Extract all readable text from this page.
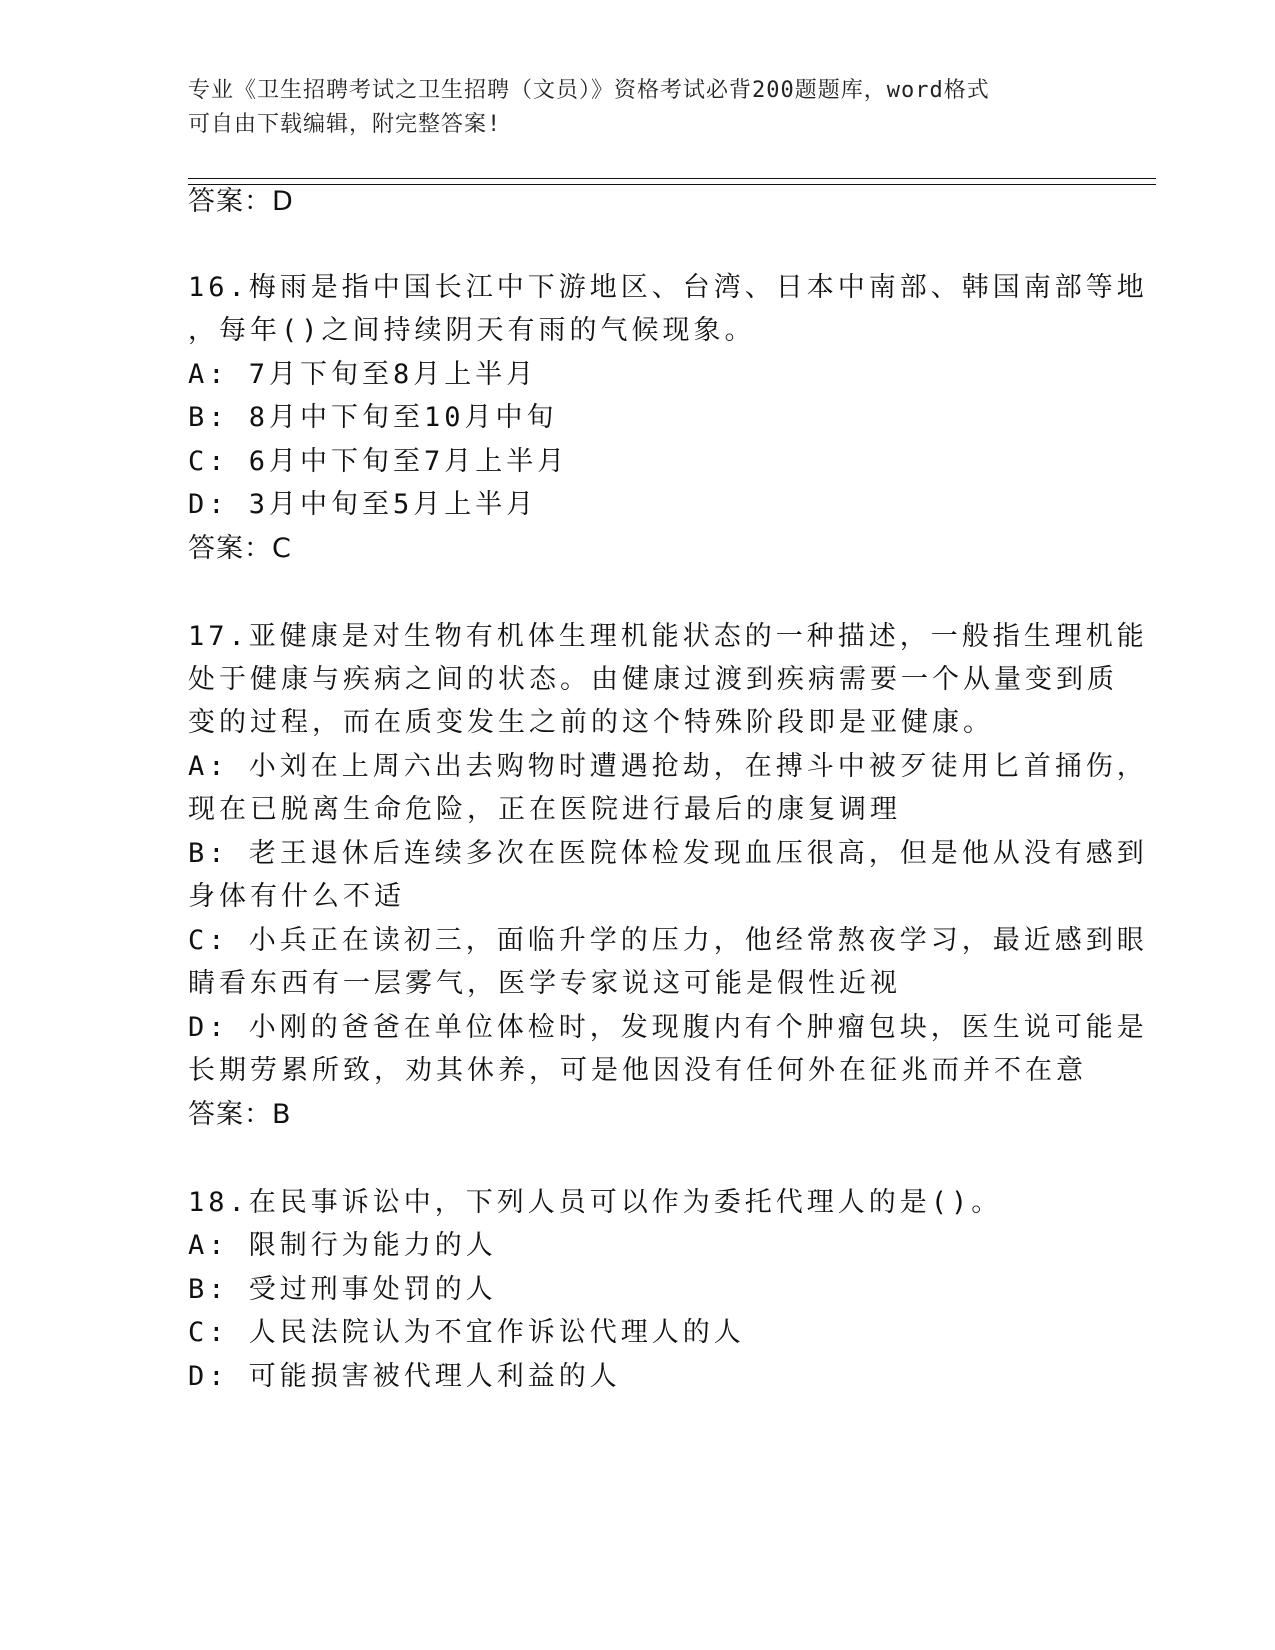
专业《卫生招聘考试之卫生招聘（文员）》资格考试必背200题题库，word格式

可自由下载编辑，附完整答案!

答案：D

16.梅雨是指中国长江中下游地区、台湾、日本中南部、韩国南部等地

，每年()之间持续阴天有雨的气候现象。

A: 7月下旬至8月上半月

B: 8月中下旬至10月中旬

C: 6月中下旬至7月上半月

D: 3月中旬至5月上半月

答案：C

17.亚健康是对生物有机体生理机能状态的一种描述，一般指生理机能

处于健康与疾病之间的状态。由健康过渡到疾病需要一个从量变到质

变的过程，而在质变发生之前的这个特殊阶段即是亚健康。

A: 小刘在上周六出去购物时遭遇抢劫，在搏斗中被歹徒用匕首捅伤，

现在已脱离生命危险，正在医院进行最后的康复调理

B: 老王退休后连续多次在医院体检发现血压很高，但是他从没有感到

身体有什么不适

C: 小兵正在读初三，面临升学的压力，他经常熬夜学习，最近感到眼

睛看东西有一层雾气，医学专家说这可能是假性近视

D: 小刚的爸爸在单位体检时，发现腹内有个肿瘤包块，医生说可能是

长期劳累所致，劝其休养，可是他因没有任何外在征兆而并不在意

答案：B

18.在民事诉讼中，下列人员可以作为委托代理人的是()。

A: 限制行为能力的人

B: 受过刑事处罚的人

C: 人民法院认为不宜作诉讼代理人的人

D: 可能损害被代理人利益的人
